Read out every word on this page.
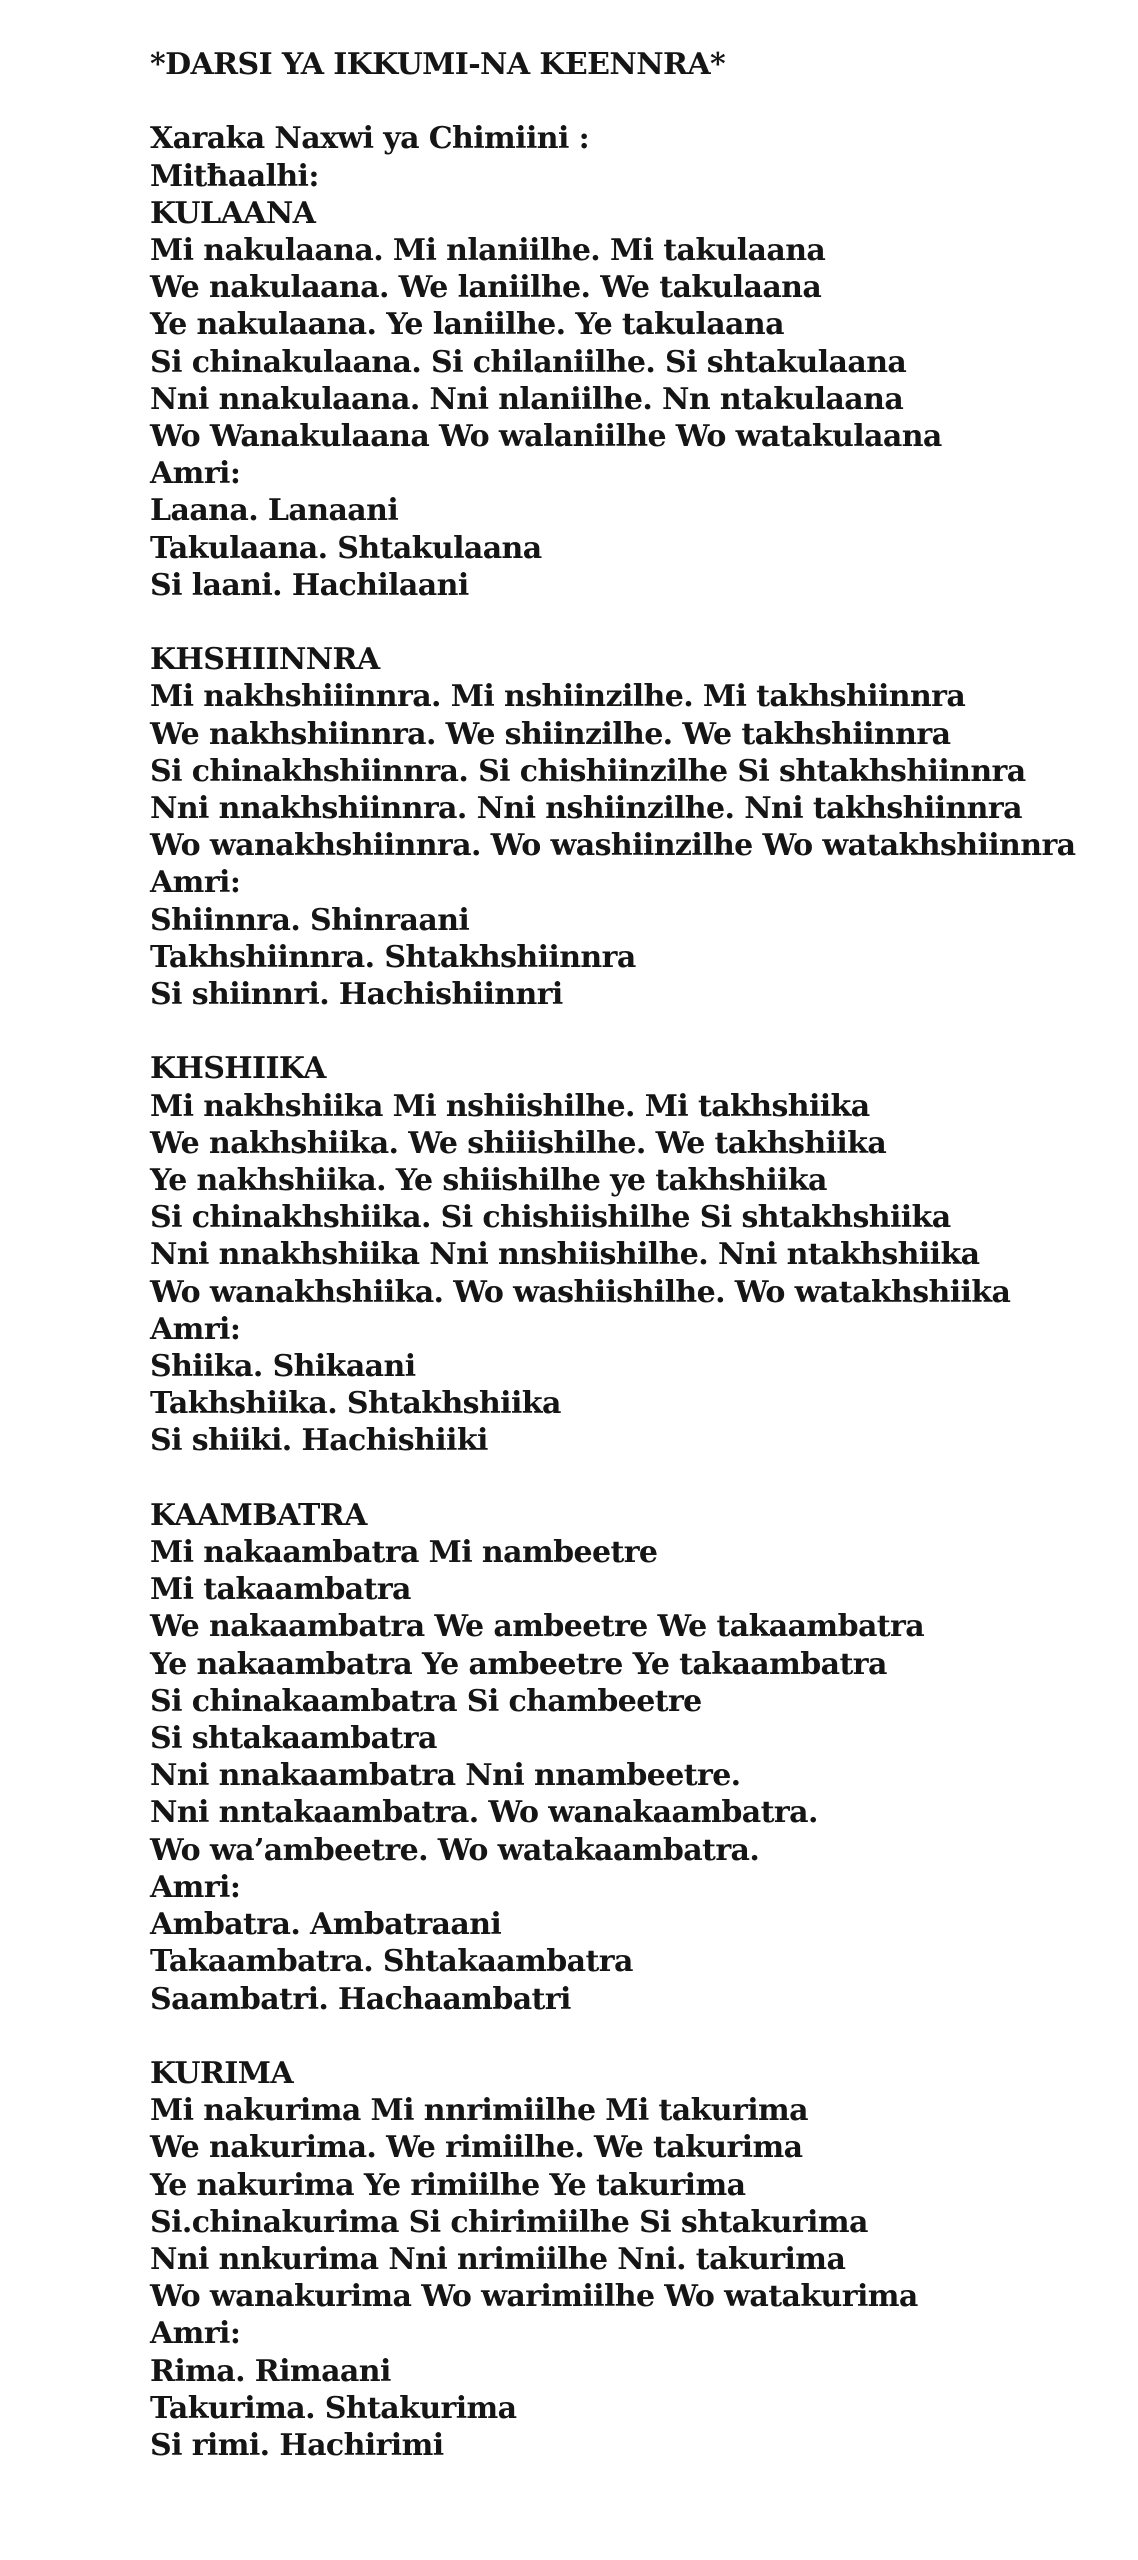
*DARSI YA IKKUMI-NA KEENNRA*
Xaraka Naxwi ya Chimiini :
Mitħaalhi:
KULAANA
Mi nakulaana. Mi nlaniilhe. Mi takulaana
We nakulaana. We laniilhe. We takulaana
Ye nakulaana. Ye laniilhe. Ye takulaana
Si chinakulaana. Si chilaniilhe. Si shtakulaana
Nni nnakulaana. Nni nlaniilhe. Nn ntakulaana
Wo Wanakulaana Wo walaniilhe Wo watakulaana
Amri:
Laana. Lanaani
Takulaana. Shtakulaana
Si laani. Hachilaani
KHSHIINNRA
Mi nakhshiiinnra. Mi nshiinzilhe. Mi takhshiinnra
We nakhshiinnra. We shiinzilhe. We takhshiinnra
Si chinakhshiinnra. Si chishiinzilhe Si shtakhshiinnra
Nni nnakhshiinnra. Nni nshiinzilhe. Nni takhshiinnra
Wo wanakhshiinnra. Wo washiinzilhe Wo watakhshiinnra
Amri:
Shiinnra. Shinraani
Takhshiinnra. Shtakhshiinnra
Si shiinnri. Hachishiinnri
KHSHIIKA
Mi nakhshiika Mi nshiishilhe. Mi takhshiika
We nakhshiika. We shiiishilhe. We takhshiika
Ye nakhshiika. Ye shiishilhe ye takhshiika
Si chinakhshiika. Si chishiishilhe Si shtakhshiika
Nni nnakhshiika Nni nnshiishilhe. Nni ntakhshiika
Wo wanakhshiika. Wo washiishilhe. Wo watakhshiika
Amri:
Shiika. Shikaani
Takhshiika. Shtakhshiika
Si shiiki. Hachishiiki
KAAMBATRA
Mi nakaambatra Mi nambeetre
Mi takaambatra
We nakaambatra We ambeetre We takaambatra
Ye nakaambatra Ye ambeetre Ye takaambatra
Si chinakaambatra Si chambeetre
Si shtakaambatra
Nni nnakaambatra Nni nnambeetre.
Nni nntakaambatra. Wo wanakaambatra.
Wo wa’ambeetre. Wo watakaambatra.
Amri:
Ambatra. Ambatraani
Takaambatra. Shtakaambatra
Saambatri. Hachaambatri
KURIMA
Mi nakurima Mi nnrimiilhe Mi takurima
We nakurima. We rimiilhe. We takurima
Ye nakurima Ye rimiilhe Ye takurima
Si.chinakurima Si chirimiilhe Si shtakurima
Nni nnkurima Nni nrimiilhe Nni. takurima
Wo wanakurima Wo warimiilhe Wo watakurima
Amri:
Rima. Rimaani
Takurima. Shtakurima
Si rimi. Hachirimi
